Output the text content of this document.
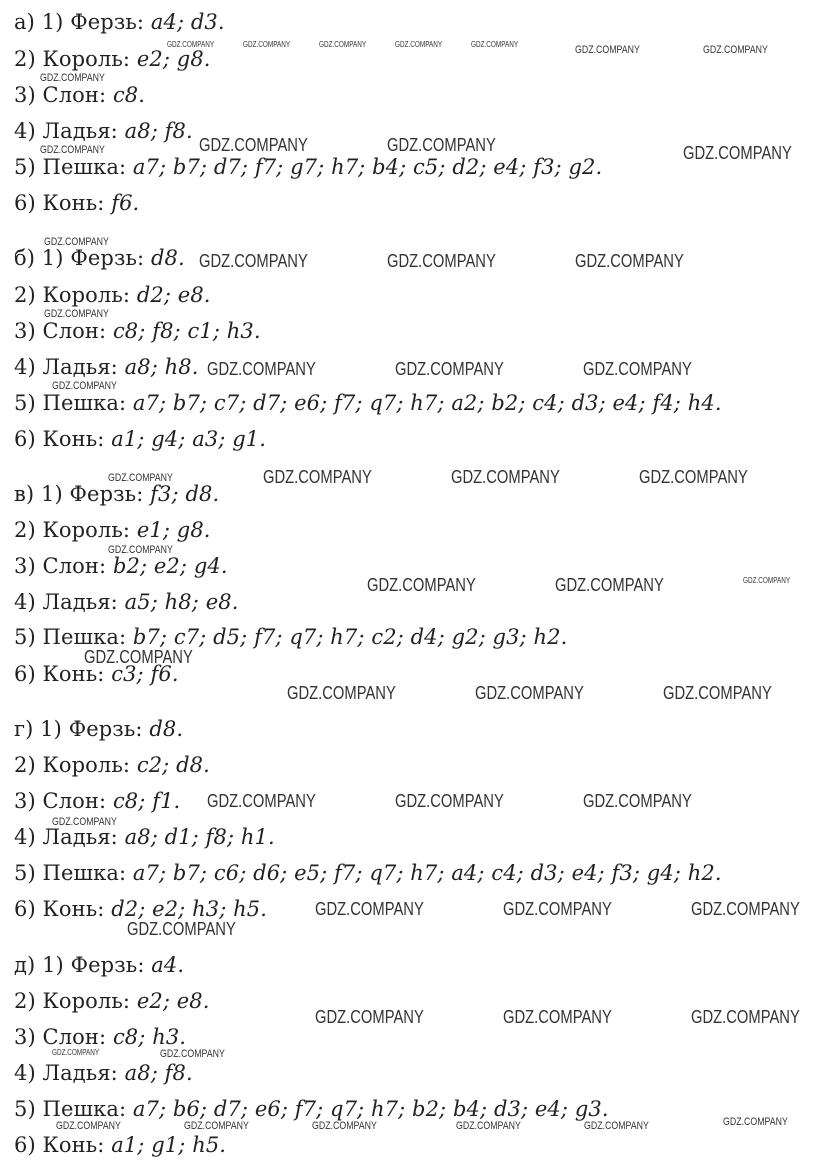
а) 1) Ферзь: a4; d3.
2) Король: e2; g8.
3) Слон: c8.
4) Ладья: a8; f8.
5) Пешка: a7; b7; d7; f7; g7; h7; b4; c5; d2; e4; f3; g2.
6) Конь: f6.
б) 1) Ферзь: d8.
2) Король: d2; e8.
3) Слон: c8; f8; c1; h3.
4) Ладья: a8; h8.
5) Пешка: a7; b7; c7; d7; e6; f7; q7; h7; a2; b2; c4; d3; e4; f4; h4.
6) Конь: a1; g4; a3; g1.
в) 1) Ферзь: f3; d8.
2) Король: e1; g8.
3) Слон: b2; e2; g4.
4) Ладья: a5; h8; e8.
5) Пешка: b7; c7; d5; f7; q7; h7; c2; d4; g2; g3; h2.
6) Конь: c3; f6.
г) 1) Ферзь: d8.
2) Король: c2; d8.
3) Слон: c8; f1.
4) Ладья: a8; d1; f8; h1.
5) Пешка: a7; b7; c6; d6; e5; f7; q7; h7; a4; c4; d3; e4; f3; g4; h2.
6) Конь: d2; e2; h3; h5.
д) 1) Ферзь: a4.
2) Король: e2; e8.
3) Слон: c8; h3.
4) Ладья: a8; f8.
5) Пешка: a7; b6; d7; e6; f7; q7; h7; b2; b4; d3; e4; g3.
6) Конь: a1; g1; h5.
GDZ.COMPANY	GDZ.COMPANY	GDZ.COMPANY	GDZ.COMPANY	GDZ.COMPANY	GDZ.COMPANY	GDZ.COMPANY
GDZ.COMPANY
GDZ.COMPANY	GDZ.COMPANY	GDZ.COMPANY
GDZ.COMPANY
GDZ.COMPANY
GDZ.COMPANY	GDZ.COMPANY	GDZ.COMPANY
GDZ.COMPANY
GDZ.COMPANY	GDZ.COMPANY	GDZ.COMPANY
GDZ.COMPANY
GDZ.COMPANY	GDZ.COMPANY	GDZ.COMPANY
GDZ.COMPANY
GDZ.COMPANY
GDZ.COMPANY	GDZ.COMPANY	GDZ.COMPANY
GDZ.COMPANY
GDZ.COMPANY	GDZ.COMPANY	GDZ.COMPANY
GDZ.COMPANY	GDZ.COMPANY	GDZ.COMPANY
GDZ.COMPANY
GDZ.COMPANY	GDZ.COMPANY	GDZ.COMPANY
GDZ.COMPANY
GDZ.COMPANY	GDZ.COMPANY	GDZ.COMPANY
GDZ.COMPANY	GDZ.COMPANY
GDZ.COMPANY
GDZ.COMPANY	GDZ.COMPANY	GDZ.COMPANY	GDZ.COMPANY	GDZ.COMPANY
